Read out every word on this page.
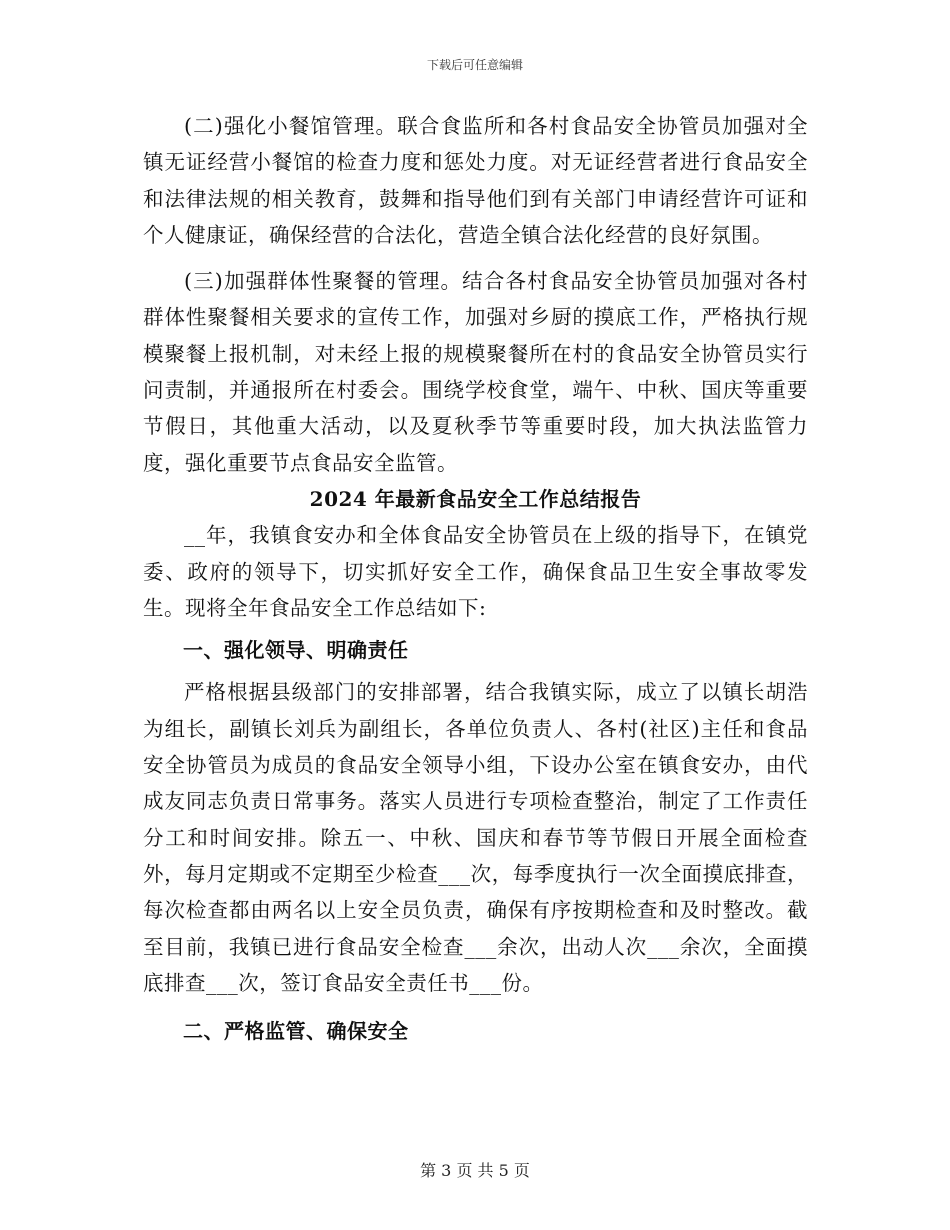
下载后可任意编辑

(二)强化小餐馆管理。联合食监所和各村食品安全协管员加强对全镇无证经营小餐馆的检查力度和惩处力度。对无证经营者进行食品安全和法律法规的相关教育，鼓舞和指导他们到有关部门申请经营许可证和个人健康证，确保经营的合法化，营造全镇合法化经营的良好氛围。

(三)加强群体性聚餐的管理。结合各村食品安全协管员加强对各村群体性聚餐相关要求的宣传工作，加强对乡厨的摸底工作，严格执行规模聚餐上报机制，对未经上报的规模聚餐所在村的食品安全协管员实行问责制，并通报所在村委会。围绕学校食堂，端午、中秋、国庆等重要节假日，其他重大活动，以及夏秋季节等重要时段，加大执法监管力度，强化重要节点食品安全监管。

2024 年最新食品安全工作总结报告

__年，我镇食安办和全体食品安全协管员在上级的指导下，在镇党委、政府的领导下，切实抓好安全工作，确保食品卫生安全事故零发生。现将全年食品安全工作总结如下:

一、强化领导、明确责任

严格根据县级部门的安排部署，结合我镇实际，成立了以镇长胡浩为组长，副镇长刘兵为副组长，各单位负责人、各村(社区)主任和食品安全协管员为成员的食品安全领导小组，下设办公室在镇食安办，由代成友同志负责日常事务。落实人员进行专项检查整治，制定了工作责任分工和时间安排。除五一、中秋、国庆和春节等节假日开展全面检查外，每月定期或不定期至少检查___次，每季度执行一次全面摸底排查，每次检查都由两名以上安全员负责，确保有序按期检查和及时整改。截至目前，我镇已进行食品安全检查___余次，出动人次___余次，全面摸底排查___次，签订食品安全责任书___份。

二、严格监管、确保安全

第 3 页 共 5 页
